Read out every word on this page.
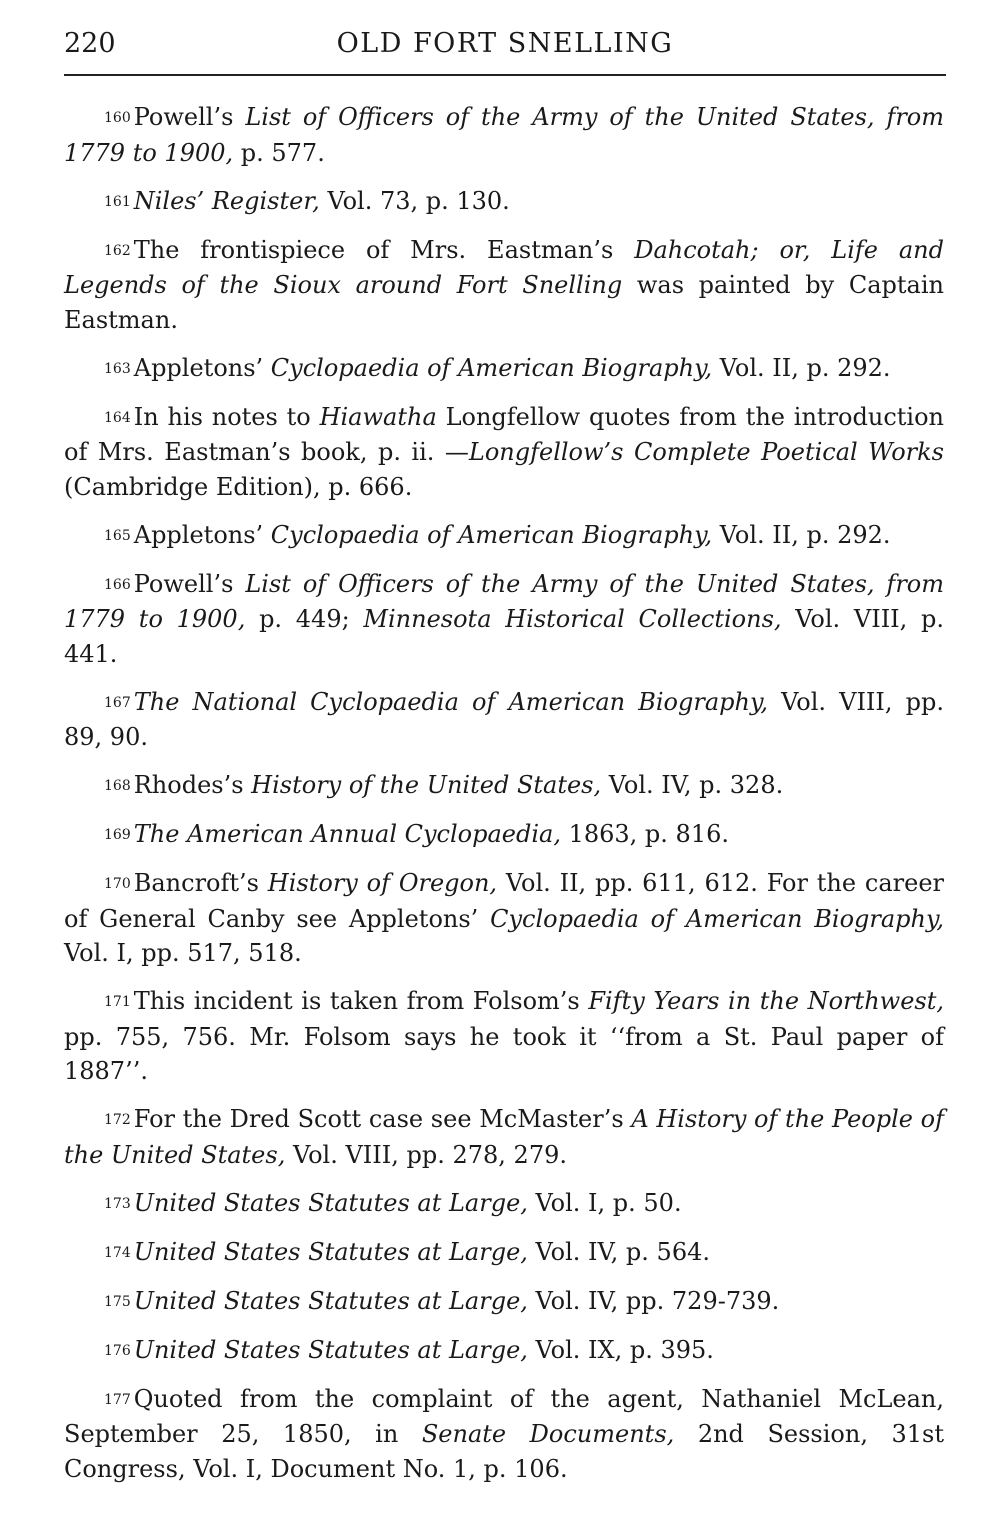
220	OLD FORT SNELLING

160 Powell’s List of Officers of the Army of the United States, from 1779 to 1900, p. 577.

161 Niles’ Register, Vol. 73, p. 130.

162 The frontispiece of Mrs. Eastman’s Dahcotah; or, Life and Legends of the Sioux around Fort Snelling was painted by Captain Eastman.

163 Appletons’ Cyclopaedia of American Biography, Vol. II, p. 292.

164 In his notes to Hiawatha Longfellow quotes from the introduction of Mrs. Eastman’s book, p. ii. —Longfellow’s Complete Poetical Works (Cambridge Edition), p. 666.

165 Appletons’ Cyclopaedia of American Biography, Vol. II, p. 292.

166 Powell’s List of Officers of the Army of the United States, from 1779 to 1900, p. 449; Minnesota Historical Collections, Vol. VIII, p. 441.

167 The National Cyclopaedia of American Biography, Vol. VIII, pp. 89, 90.

168 Rhodes’s History of the United States, Vol. IV, p. 328.

169 The American Annual Cyclopaedia, 1863, p. 816.

170 Bancroft’s History of Oregon, Vol. II, pp. 611, 612. For the career of General Canby see Appletons’ Cyclopaedia of American Biography, Vol. I, pp. 517, 518.

171 This incident is taken from Folsom’s Fifty Years in the Northwest, pp. 755, 756. Mr. Folsom says he took it ‘‘from a St. Paul paper of 1887’’.

172 For the Dred Scott case see McMaster’s A History of the People of the United States, Vol. VIII, pp. 278, 279.

173 United States Statutes at Large, Vol. I, p. 50.

174 United States Statutes at Large, Vol. IV, p. 564.

175 United States Statutes at Large, Vol. IV, pp. 729-739.

176 United States Statutes at Large, Vol. IX, p. 395.

177 Quoted from the complaint of the agent, Nathaniel McLean, September 25, 1850, in Senate Documents, 2nd Session, 31st Congress, Vol. I, Document No. 1, p. 106.
